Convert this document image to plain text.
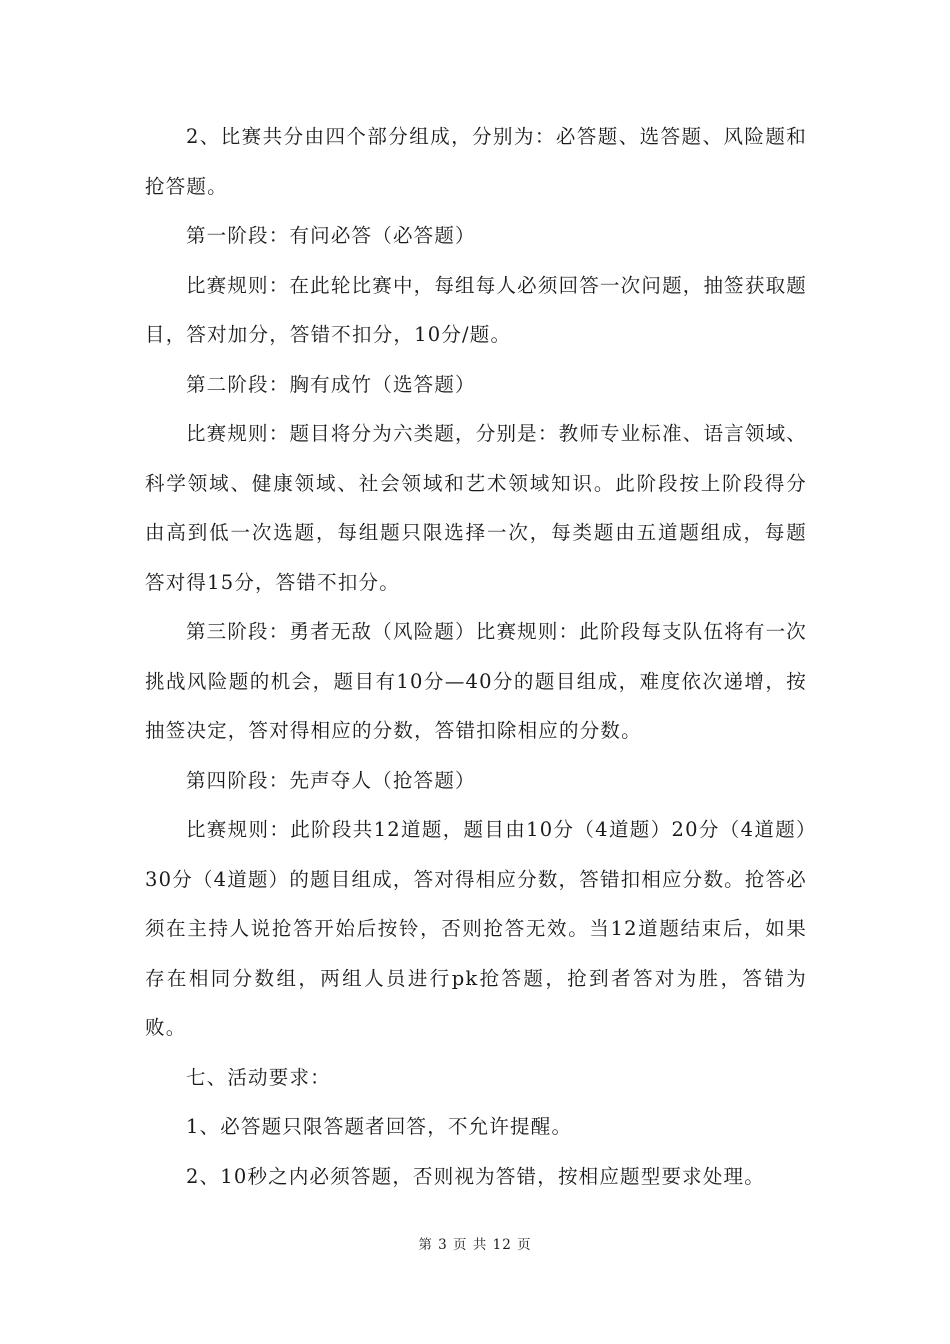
2、比赛共分由四个部分组成，分别为：必答题、选答题、风险题和抢答题。

第一阶段：有问必答（必答题）

比赛规则：在此轮比赛中，每组每人必须回答一次问题，抽签获取题目，答对加分，答错不扣分，10分/题。

第二阶段：胸有成竹（选答题）

比赛规则：题目将分为六类题，分别是：教师专业标准、语言领域、科学领域、健康领域、社会领域和艺术领域知识。此阶段按上阶段得分由高到低一次选题，每组题只限选择一次，每类题由五道题组成，每题答对得15分，答错不扣分。

第三阶段：勇者无敌（风险题）比赛规则：此阶段每支队伍将有一次挑战风险题的机会，题目有10分—40分的题目组成，难度依次递增，按抽签决定，答对得相应的分数，答错扣除相应的分数。

第四阶段：先声夺人（抢答题）

比赛规则：此阶段共12道题，题目由10分（4道题）20分（4道题）30分（4道题）的题目组成，答对得相应分数，答错扣相应分数。抢答必须在主持人说抢答开始后按铃，否则抢答无效。当12道题结束后，如果存在相同分数组，两组人员进行pk抢答题，抢到者答对为胜，答错为败。

七、活动要求：

1、必答题只限答题者回答，不允许提醒。

2、10秒之内必须答题，否则视为答错，按相应题型要求处理。

第 3 页 共 12 页
